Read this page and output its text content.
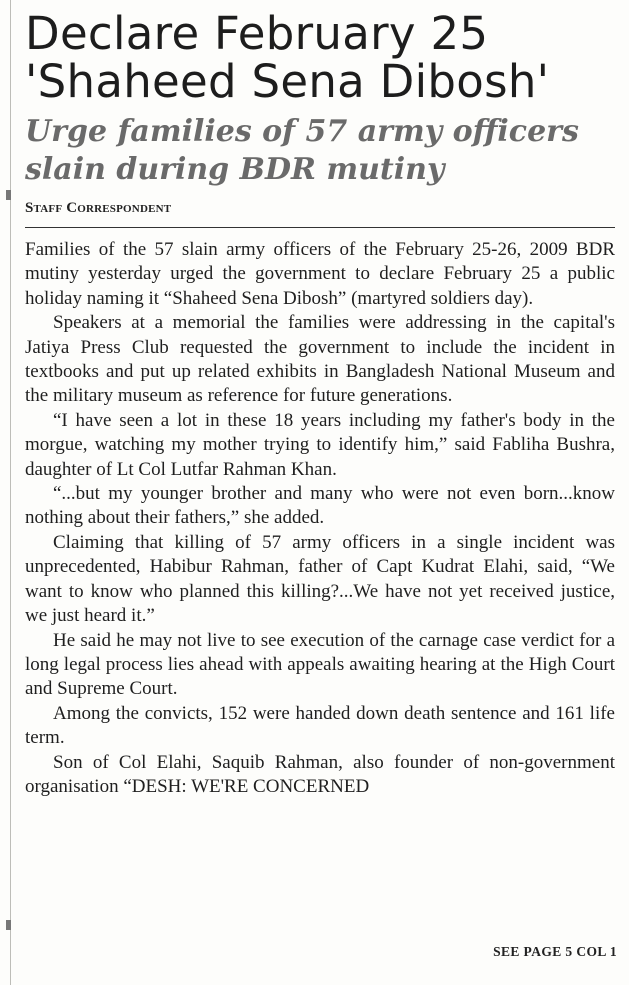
Declare February 25
'Shaheed Sena Dibosh'
Urge families of 57 army officers
slain during BDR mutiny
Staff Correspondent

Families of the 57 slain army officers of the February 25-26, 2009 BDR mutiny yesterday urged the government to declare February 25 a public holiday naming it “Shaheed Sena Dibosh” (martyred soldiers day).

Speakers at a memorial the families were addressing in the capital's Jatiya Press Club requested the government to include the incident in textbooks and put up related exhibits in Bangladesh National Museum and the military museum as reference for future generations.

“I have seen a lot in these 18 years including my father's body in the morgue, watching my mother trying to identify him,” said Fabliha Bushra, daughter of Lt Col Lutfar Rahman Khan.

“...but my younger brother and many who were not even born...know nothing about their fathers,” she added.

Claiming that killing of 57 army officers in a single incident was unprecedented, Habibur Rahman, father of Capt Kudrat Elahi, said, “We want to know who planned this killing?...We have not yet received justice, we just heard it.”

He said he may not live to see execution of the carnage case verdict for a long legal process lies ahead with appeals awaiting hearing at the High Court and Supreme Court.

Among the convicts, 152 were handed down death sentence and 161 life term.

Son of Col Elahi, Saquib Rahman, also founder of non-government organisation “DESH: WE'RE CONCERNED

SEE PAGE 5 COL 1
